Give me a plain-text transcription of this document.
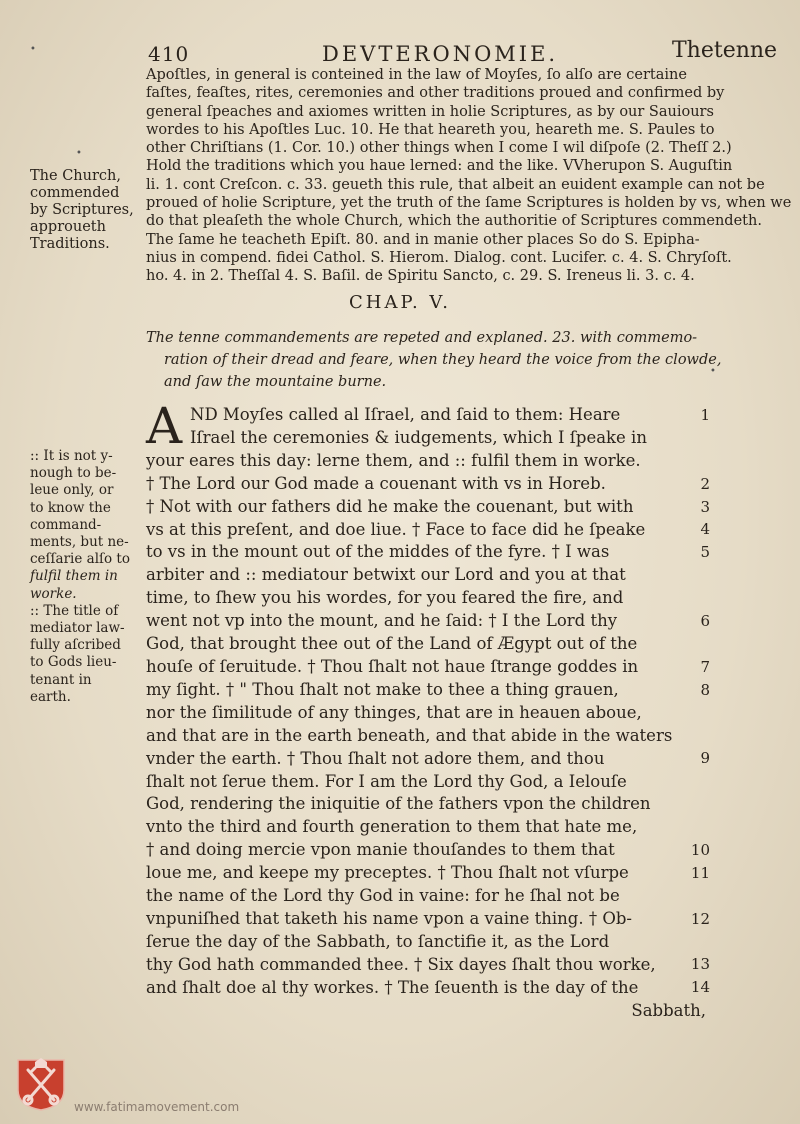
410	DEVTERONOMIE.	Thetenne
Apoſtles, in general is conteined in the law of Moyſes, ſo alſo are certaine
faſtes, feaſtes, rites, ceremonies and other traditions proued and confirmed by
general ſpeaches and axiomes written in holie Scriptures, as by our Sauiours
wordes to his Apoſtles Luc. 10. He that heareth you, heareth me. S. Paules to
other Chriſtians (1. Cor. 10.) other things when I come I wil diſpoſe (2. Theſſ 2.)
Hold the traditions which you haue lerned: and the like. VVherupon S. Auguſtin
li. 1. cont Creſcon. c. 33. geueth this rule, that albeit an euident example can not be
proued of holie Scripture, yet the truth of the ſame Scriptures is holden by vs, when we
do that pleaſeth the whole Church, which the authoritie of Scriptures commendeth.
The ſame he teacheth Epiſt. 80. and in manie other places So do S. Epipha-
nius in compend. fidei Cathol. S. Hierom. Dialog. cont. Lucifer. c. 4. S. Chryſoſt.
ho. 4. in 2. Theſſal 4. S. Baſil. de Spiritu Sancto, c. 29. S. Ireneus li. 3. c. 4.
The Church,
commended
by Scriptures,
approueth
Traditions.
CHAP. V.
The tenne commandements are repeted and explaned. 23. with commemo-
ration of their dread and feare, when they heard the voice from the clowde,
and ſaw the mountaine burne.
A ND Moyſes called al Iſrael, and ſaid to them: Heare
Iſrael the ceremonies & iudgements, which I ſpeake in
your eares this day: lerne them, and :: fulfil them in worke.
† The Lord our God made a couenant with vs in Horeb.
† Not with our fathers did he make the couenant, but with
vs at this preſent, and doe liue. † Face to face did he ſpeake
to vs in the mount out of the middes of the fyre. † I was
arbiter and :: mediatour betwixt our Lord and you at that
time, to ſhew you his wordes, for you feared the fire, and
went not vp into the mount, and he ſaid: † I the Lord thy
God, that brought thee out of the Land of Ægypt out of the
houſe of ſeruitude. † Thou ſhalt not haue ſtrange goddes in
my ſight. † " Thou ſhalt not make to thee a thing grauen,
nor the ſimilitude of any thinges, that are in heauen aboue,
and that are in the earth beneath, and that abide in the waters
vnder the earth. † Thou ſhalt not adore them, and thou
ſhalt not ſerue them. For I am the Lord thy God, a Ielouſe
God, rendering the iniquitie of the fathers vpon the children
vnto the third and fourth generation to them that hate me,
† and doing mercie vpon manie thouſandes to them that
loue me, and keepe my preceptes. † Thou ſhalt not vſurpe
the name of the Lord thy God in vaine: for he ſhal not be
vnpuniſhed that taketh his name vpon a vaine thing. † Ob-
ſerue the day of the Sabbath, to ſanctifie it, as the Lord
thy God hath commanded thee. † Six dayes ſhalt thou worke,
and ſhalt doe al thy workes. † The ſeuenth is the day of the
Sabbath,
1
2
3
4
5
6
7
8
9
10
11
12
13
14
:: It is not y-
nough to be-
leue only, or
to know the
command-
ments, but ne-
ceſſarie alſo to
fulfil them in
worke.
:: The title of
mediator law-
fully aſcribed
to Gods lieu-
tenant in
earth.
•
•
•
www.fatimamovement.com
